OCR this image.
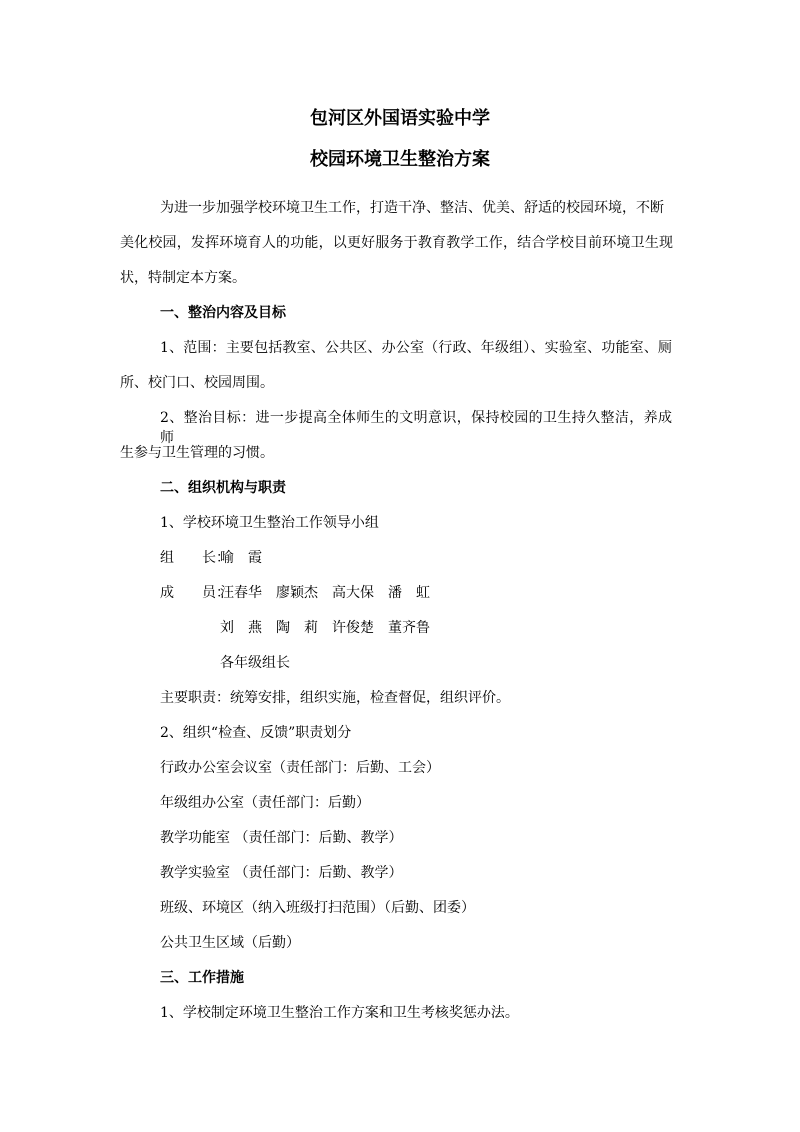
包河区外国语实验中学
校园环境卫生整治方案
为进一步加强学校环境卫生工作，打造干净、整洁、优美、舒适的校园环境，不断
美化校园，发挥环境育人的功能，以更好服务于教育教学工作，结合学校目前环境卫生现
状，特制定本方案。
一、整治内容及目标
1、范围：主要包括教室、公共区、办公室（行政、年级组）、实验室、功能室、厕
所、校门口、校园周围。
2、整治目标：进一步提高全体师生的文明意识，保持校园的卫生持久整洁，养成师
生参与卫生管理的习惯。
二、组织机构与职责
1、学校环境卫生整治工作领导小组
组　　长：
喻　霞
成　　员：
汪春华　廖颖杰　高大保　潘　虹
刘　燕　陶　莉　许俊楚　董齐鲁
各年级组长
主要职责：统筹安排，组织实施，检查督促，组织评价。
2、组织“检查、反馈”职责划分
行政办公室会议室（责任部门：后勤、工会）
年级组办公室（责任部门：后勤）
教学功能室 （责任部门：后勤、教学）
教学实验室 （责任部门：后勤、教学）
班级、环境区（纳入班级打扫范围）（后勤、团委）
公共卫生区域（后勤）
三、工作措施
1、学校制定环境卫生整治工作方案和卫生考核奖惩办法。
